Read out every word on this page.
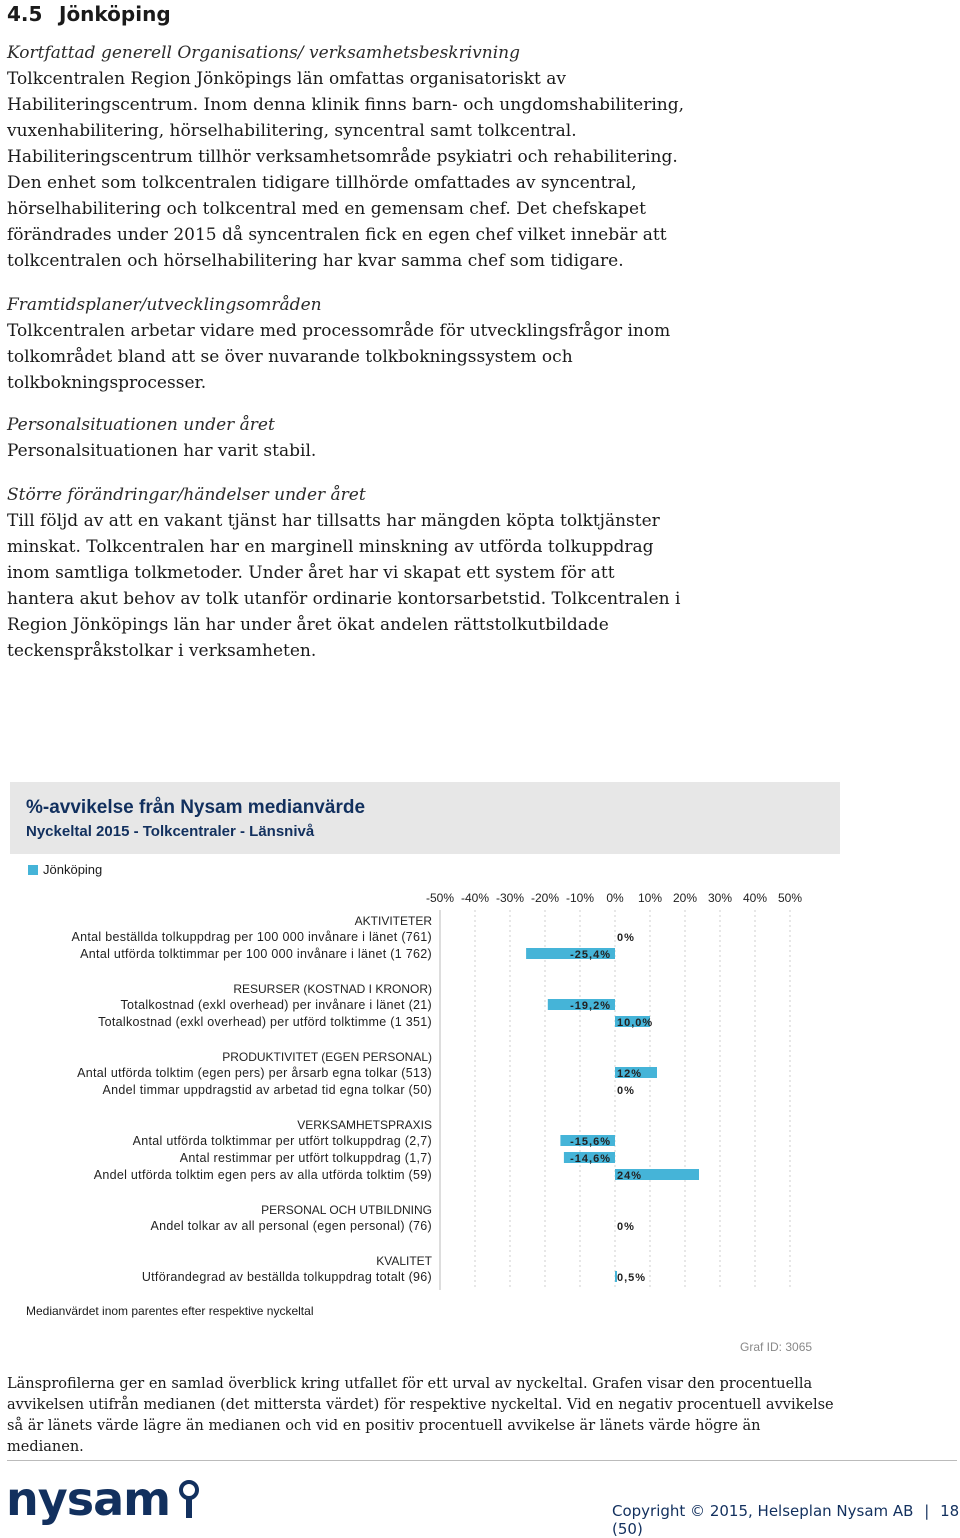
4.5 Jönköping
Kortfattad generell Organisations/ verksamhetsbeskrivning
Tolkcentralen Region Jönköpings län omfattas organisatoriskt av Habiliteringscentrum. Inom denna klinik finns barn- och ungdomshabilitering, vuxenhabilitering, hörselhabilitering, syncentral samt tolkcentral. Habiliteringscentrum tillhör verksamhetsområde psykiatri och rehabilitering. Den enhet som tolkcentralen tidigare tillhörde omfattades av syncentral, hörselhabilitering och tolkcentral med en gemensam chef. Det chefskapet förändrades under 2015 då syncentralen fick en egen chef vilket innebär att tolkcentralen och hörselhabilitering har kvar samma chef som tidigare.
Framtidsplaner/utvecklingsområden
Tolkcentralen arbetar vidare med processområde för utvecklingsfrågor inom tolkområdet bland att se över nuvarande tolkbokningssystem och tolkbokningsprocesser.
Personalsituationen under året
Personalsituationen har varit stabil.
Större förändringar/händelser under året
Till följd av att en vakant tjänst har tillsatts har mängden köpta tolktjänster minskat. Tolkcentralen har en marginell minskning av utförda tolkuppdrag inom samtliga tolkmetoder. Under året har vi skapat ett system för att hantera akut behov av tolk utanför ordinarie kontorsarbetstid. Tolkcentralen i Region Jönköpings län har under året ökat andelen rättstolkutbildade teckenspråkstolkar i verksamheten.
%-avvikelse från Nysam medianvärde
Nyckeltal 2015 - Tolkcentraler - Länsnivå
Jönköping
-50% -40% -30% -20% -10% 0% 10% 20% 30% 40% 50%
AKTIVITETER
RESURSER (KOSTNAD I KRONOR)
PRODUKTIVITET (EGEN PERSONAL)
VERKSAMHETSPRAXIS
PERSONAL OCH UTBILDNING
KVALITET
Antal beställda tolkuppdrag per 100 000 invånare i länet (761)	0%
Antal utförda tolktimmar per 100 000 invånare i länet (1 762)	-25,4%
Totalkostnad (exkl overhead) per invånare i länet (21)	-19,2%
Totalkostnad (exkl overhead) per utförd tolktimme (1 351)	10,0%
Antal utförda tolktim (egen pers) per årsarb egna tolkar (513)	12%
Andel timmar uppdragstid av arbetad tid egna tolkar (50)	0%
Antal utförda tolktimmar per utfört tolkuppdrag (2,7)	-15,6%
Antal restimmar per utfört tolkuppdrag (1,7)	-14,6%
Andel utförda tolktim egen pers av alla utförda tolktim (59)	24%
Andel tolkar av all personal (egen personal) (76)	0%
Utförandegrad av beställda tolkuppdrag totalt (96)	0,5%
Medianvärdet inom parentes efter respektive nyckeltal
Graf ID: 3065
Länsprofilerna ger en samlad överblick kring utfallet för ett urval av nyckeltal. Grafen visar den procentuella avvikelsen utifrån medianen (det mittersta värdet) för respektive nyckeltal. Vid en negativ procentuell avvikelse så är länets värde lägre än medianen och vid en positiv procentuell avvikelse är länets värde högre än medianen.
nysam	Copyright © 2015, Helseplan Nysam AB | 18 (50)
